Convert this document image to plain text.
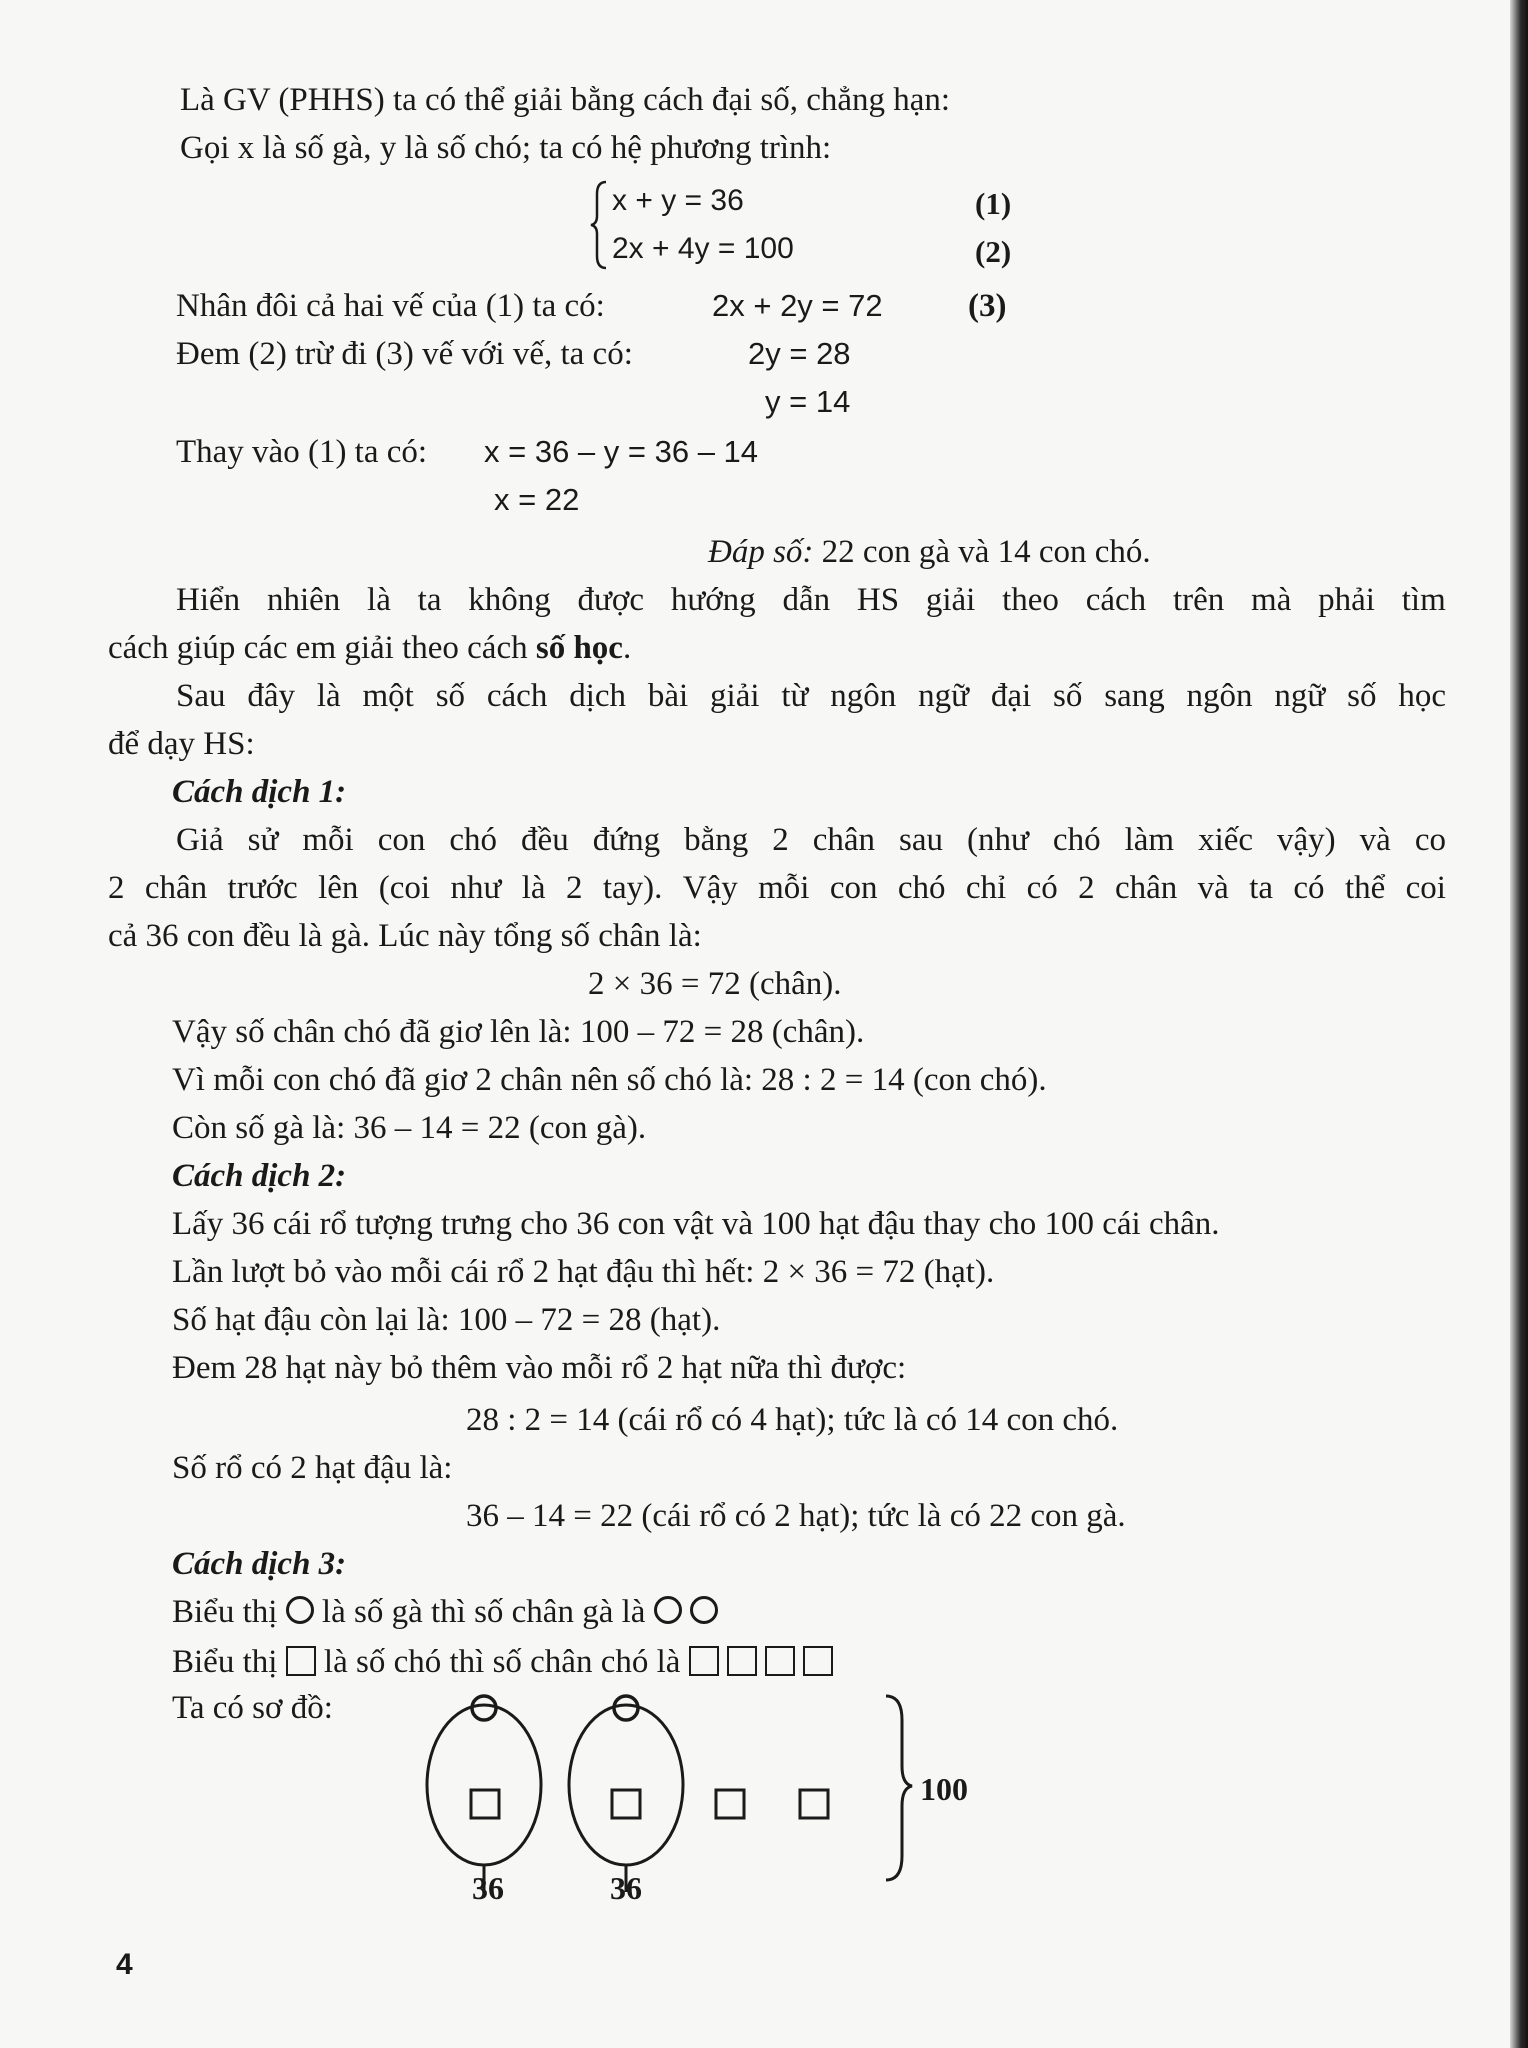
Là GV (PHHS) ta có thể giải bằng cách đại số, chẳng hạn:
Gọi x là số gà, y là số chó; ta có hệ phương trình:
x + y = 36	(1)
2x + 4y = 100	(2)
Nhân đôi cả hai vế của (1) ta có:	2x + 2y = 72	(3)
Đem (2) trừ đi (3) vế với vế, ta có:	2y = 28
y = 14
Thay vào (1) ta có: x = 36 – y = 36 – 14
x = 22
Đáp số: 22 con gà và 14 con chó.
Hiển nhiên là ta không được hướng dẫn HS giải theo cách trên mà phải tìm
cách giúp các em giải theo cách số học.
Sau đây là một số cách dịch bài giải từ ngôn ngữ đại số sang ngôn ngữ số học
để dạy HS:
Cách dịch 1:
Giả sử mỗi con chó đều đứng bằng 2 chân sau (như chó làm xiếc vậy) và co
2 chân trước lên (coi như là 2 tay). Vậy mỗi con chó chỉ có 2 chân và ta có thể coi
cả 36 con đều là gà. Lúc này tổng số chân là:
2 × 36 = 72 (chân).
Vậy số chân chó đã giơ lên là: 100 – 72 = 28 (chân).
Vì mỗi con chó đã giơ 2 chân nên số chó là: 28 : 2 = 14 (con chó).
Còn số gà là: 36 – 14 = 22 (con gà).
Cách dịch 2:
Lấy 36 cái rổ tượng trưng cho 36 con vật và 100 hạt đậu thay cho 100 cái chân.
Lần lượt bỏ vào mỗi cái rổ 2 hạt đậu thì hết: 2 × 36 = 72 (hạt).
Số hạt đậu còn lại là: 100 – 72 = 28 (hạt).
Đem 28 hạt này bỏ thêm vào mỗi rổ 2 hạt nữa thì được:
28 : 2 = 14 (cái rổ có 4 hạt); tức là có 14 con chó.
Số rổ có 2 hạt đậu là:
36 – 14 = 22 (cái rổ có 2 hạt); tức là có 22 con gà.
Cách dịch 3:
Biểu thị là số gà thì số chân gà là
Biểu thị là số chó thì số chân chó là
Ta có sơ đồ:
100
36	36
4
